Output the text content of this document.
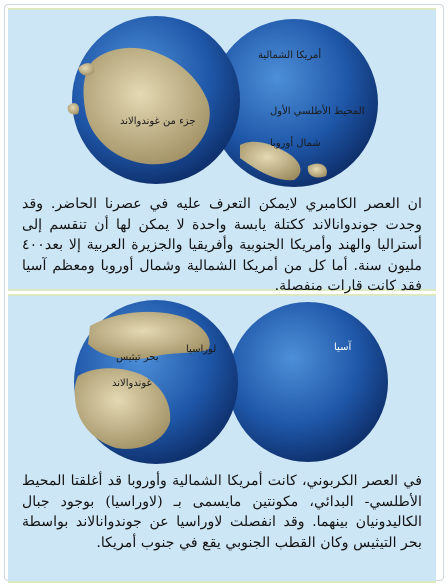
أمريكا الشمالية
المحيط الأطلسي الأول
شمال أوروبا
جزء من غوندوالاند
ان العصر الكامبري لايمكن التعرف عليه في عصرنا الحاضر. وقد وجدت جوندوانالاند ككتلة يابسة واحدة لا يمكن لها أن تنقسم إلى أستراليا والهند وأمريكا الجنوبية وأفريقيا والجزيرة العربية إلا بعد٤٠٠ مليون سنة. أما كل من أمريكا الشمالية وشمال أوروبا ومعظم آسيا فقد كانت قارات منفصلة.
لوراسيا
بحر تيثيس
غوندوالاند
آسيا
في العصر الكربوني، كانت أمريكا الشمالية وأوروبا قد أغلقتا المحيط الأطلسي- البدائي، مكونتين مايسمى بـ (لاوراسيا) بوجود جبال الكاليدونيان بينهما. وقد انفصلت لاوراسيا عن جوندوانالاند بواسطة بحر التيثيس وكان القطب الجنوبي يقع في جنوب أمريكا.
